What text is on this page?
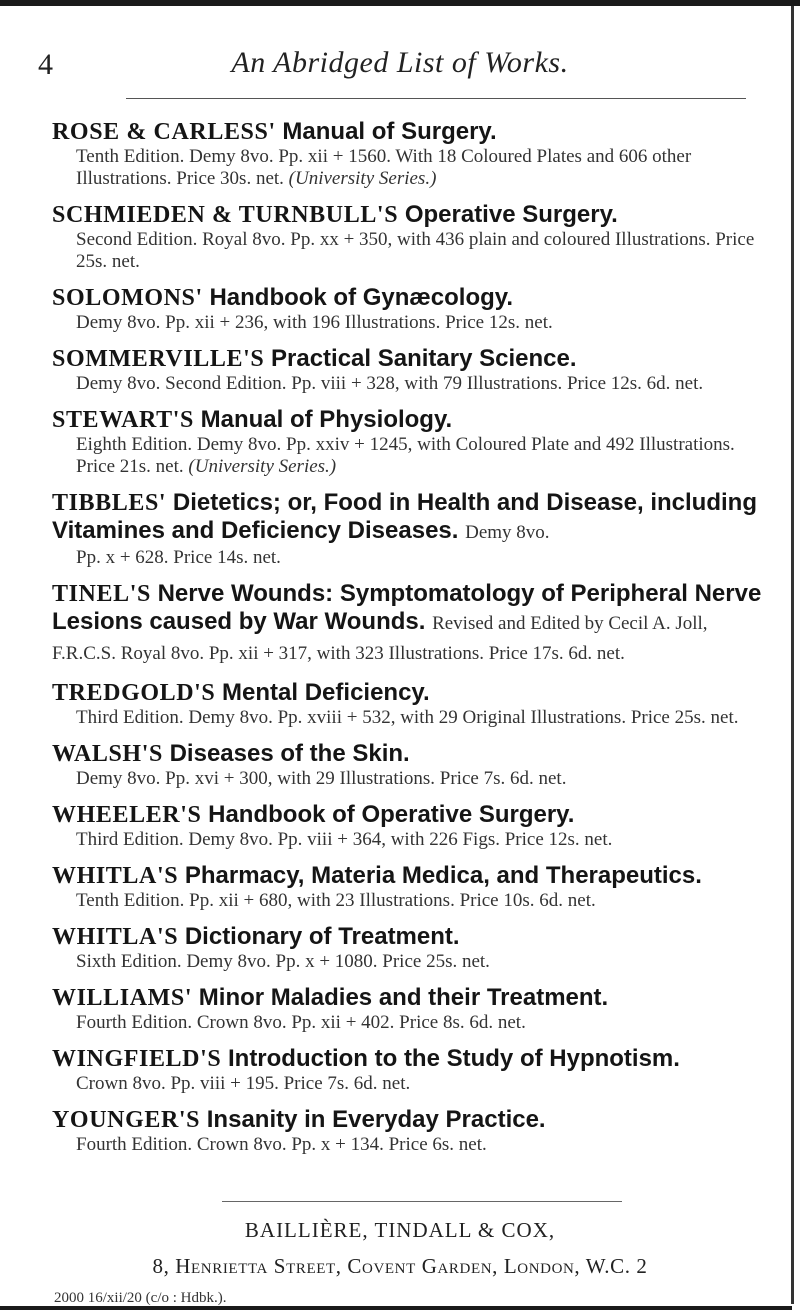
4	An Abridged List of Works.
ROSE & CARLESS' Manual of Surgery.
Tenth Edition. Demy 8vo. Pp. xii + 1560. With 18 Coloured Plates and 606 other Illustrations. Price 30s. net. (University Series.)
SCHMIEDEN & TURNBULL'S Operative Surgery.
Second Edition. Royal 8vo. Pp. xx + 350, with 436 plain and coloured Illustrations. Price 25s. net.
SOLOMONS' Handbook of Gynæcology.
Demy 8vo. Pp. xii + 236, with 196 Illustrations. Price 12s. net.
SOMMERVILLE'S Practical Sanitary Science.
Demy 8vo. Second Edition. Pp. viii + 328, with 79 Illustrations. Price 12s. 6d. net.
STEWART'S Manual of Physiology.
Eighth Edition. Demy 8vo. Pp. xxiv + 1245, with Coloured Plate and 492 Illustrations. Price 21s. net. (University Series.)
TIBBLES' Dietetics; or, Food in Health and Disease, including Vitamines and Deficiency Diseases. Demy 8vo.
Pp. x + 628. Price 14s. net.
TINEL'S Nerve Wounds: Symptomatology of Peripheral Nerve Lesions caused by War Wounds. Revised and Edited by Cecil A. Joll, F.R.C.S. Royal 8vo. Pp. xii + 317, with 323 Illustrations. Price 17s. 6d. net.
TREDGOLD'S Mental Deficiency.
Third Edition. Demy 8vo. Pp. xviii + 532, with 29 Original Illustrations. Price 25s. net.
WALSH'S Diseases of the Skin.
Demy 8vo. Pp. xvi + 300, with 29 Illustrations. Price 7s. 6d. net.
WHEELER'S Handbook of Operative Surgery.
Third Edition. Demy 8vo. Pp. viii + 364, with 226 Figs. Price 12s. net.
WHITLA'S Pharmacy, Materia Medica, and Therapeutics.
Tenth Edition. Pp. xii + 680, with 23 Illustrations. Price 10s. 6d. net.
WHITLA'S Dictionary of Treatment.
Sixth Edition. Demy 8vo. Pp. x + 1080. Price 25s. net.
WILLIAMS' Minor Maladies and their Treatment.
Fourth Edition. Crown 8vo. Pp. xii + 402. Price 8s. 6d. net.
WINGFIELD'S Introduction to the Study of Hypnotism.
Crown 8vo. Pp. viii + 195. Price 7s. 6d. net.
YOUNGER'S Insanity in Everyday Practice.
Fourth Edition. Crown 8vo. Pp. x + 134. Price 6s. net.
BAILLIÈRE, TINDALL & COX,
8, Henrietta Street, Covent Garden, London, W.C. 2
2000 16/xii/20 (c/o : Hdbk.).
